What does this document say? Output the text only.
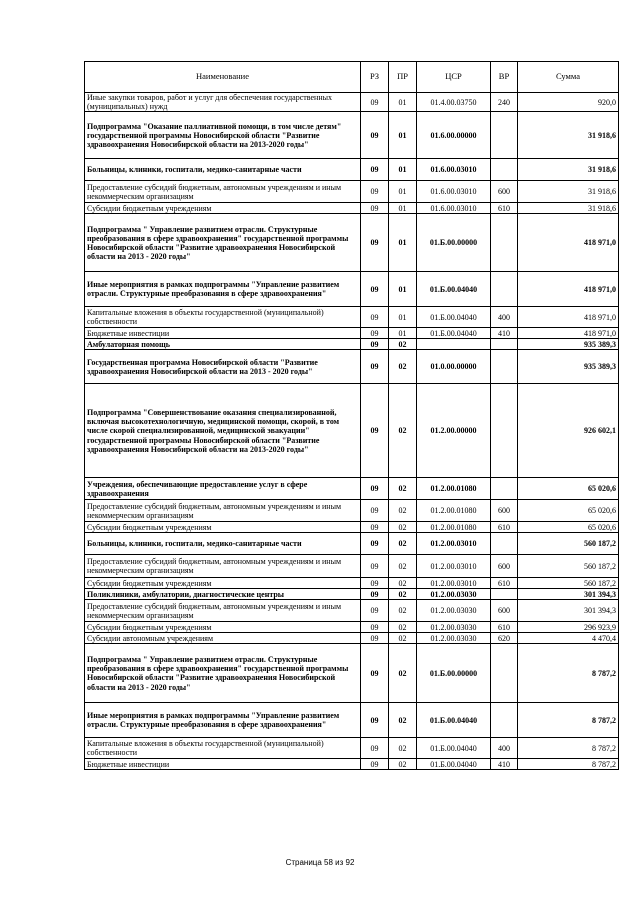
Наименование	РЗ	ПР	ЦСР	ВР	Сумма
Иные закупки товаров, работ и услуг для обеспечения государственных (муниципальных) нужд	09	01	01.4.00.03750	240	920,0
Подпрограмма "Оказание паллиативной помощи, в том числе детям" государственной программы Новосибирской области "Развитие здравоохранения Новосибирской области на 2013-2020 годы"	09	01	01.6.00.00000		31 918,6
Больницы, клиники, госпитали, медико-санитарные части	09	01	01.6.00.03010		31 918,6
Предоставление субсидий бюджетным, автономным учреждениям и иным некоммерческим организациям	09	01	01.6.00.03010	600	31 918,6
Субсидии бюджетным учреждениям	09	01	01.6.00.03010	610	31 918,6
Подпрограмма " Управление развитием отрасли. Структурные преобразования в сфере здравоохранения" государственной программы Новосибирской области "Развитие здравоохранения Новосибирской области на 2013 - 2020 годы"	09	01	01.Б.00.00000		418 971,0
Иные мероприятия в рамках подпрограммы "Управление развитием отрасли. Структурные преобразования в сфере здравоохранения"	09	01	01.Б.00.04040		418 971,0
Капитальные вложения в объекты государственной (муниципальной) собственности	09	01	01.Б.00.04040	400	418 971,0
Бюджетные инвестиции	09	01	01.Б.00.04040	410	418 971,0
Амбулаторная помощь	09	02			935 389,3
Государственная программа Новосибирской области "Развитие здравоохранения Новосибирской области на 2013 - 2020 годы"	09	02	01.0.00.00000		935 389,3
Подпрограмма "Совершенствование оказания специализированной, включая высокотехнологичную, медицинской помощи, скорой, в том числе скорой специализированной, медицинской эвакуации" государственной программы Новосибирской области "Развитие здравоохранения Новосибирской области на 2013-2020 годы"	09	02	01.2.00.00000		926 602,1
Учреждения, обеспечивающие предоставление услуг в сфере здравоохранения	09	02	01.2.00.01080		65 020,6
Предоставление субсидий бюджетным, автономным учреждениям и иным некоммерческим организациям	09	02	01.2.00.01080	600	65 020,6
Субсидии бюджетным учреждениям	09	02	01.2.00.01080	610	65 020,6
Больницы, клиники, госпитали, медико-санитарные части	09	02	01.2.00.03010		560 187,2
Предоставление субсидий бюджетным, автономным учреждениям и иным некоммерческим организациям	09	02	01.2.00.03010	600	560 187,2
Субсидии бюджетным учреждениям	09	02	01.2.00.03010	610	560 187,2
Поликлиники, амбулатории, диагностические центры	09	02	01.2.00.03030		301 394,3
Предоставление субсидий бюджетным, автономным учреждениям и иным некоммерческим организациям	09	02	01.2.00.03030	600	301 394,3
Субсидии бюджетным учреждениям	09	02	01.2.00.03030	610	296 923,9
Субсидии автономным учреждениям	09	02	01.2.00.03030	620	4 470,4
Подпрограмма " Управление развитием отрасли. Структурные преобразования в сфере здравоохранения" государственной программы Новосибирской области "Развитие здравоохранения Новосибирской области на 2013 - 2020 годы"	09	02	01.Б.00.00000		8 787,2
Иные мероприятия в рамках подпрограммы "Управление развитием отрасли. Структурные преобразования в сфере здравоохранения"	09	02	01.Б.00.04040		8 787,2
Капитальные вложения в объекты государственной (муниципальной) собственности	09	02	01.Б.00.04040	400	8 787,2
Бюджетные инвестиции	09	02	01.Б.00.04040	410	8 787,2
Страница 58 из 92
